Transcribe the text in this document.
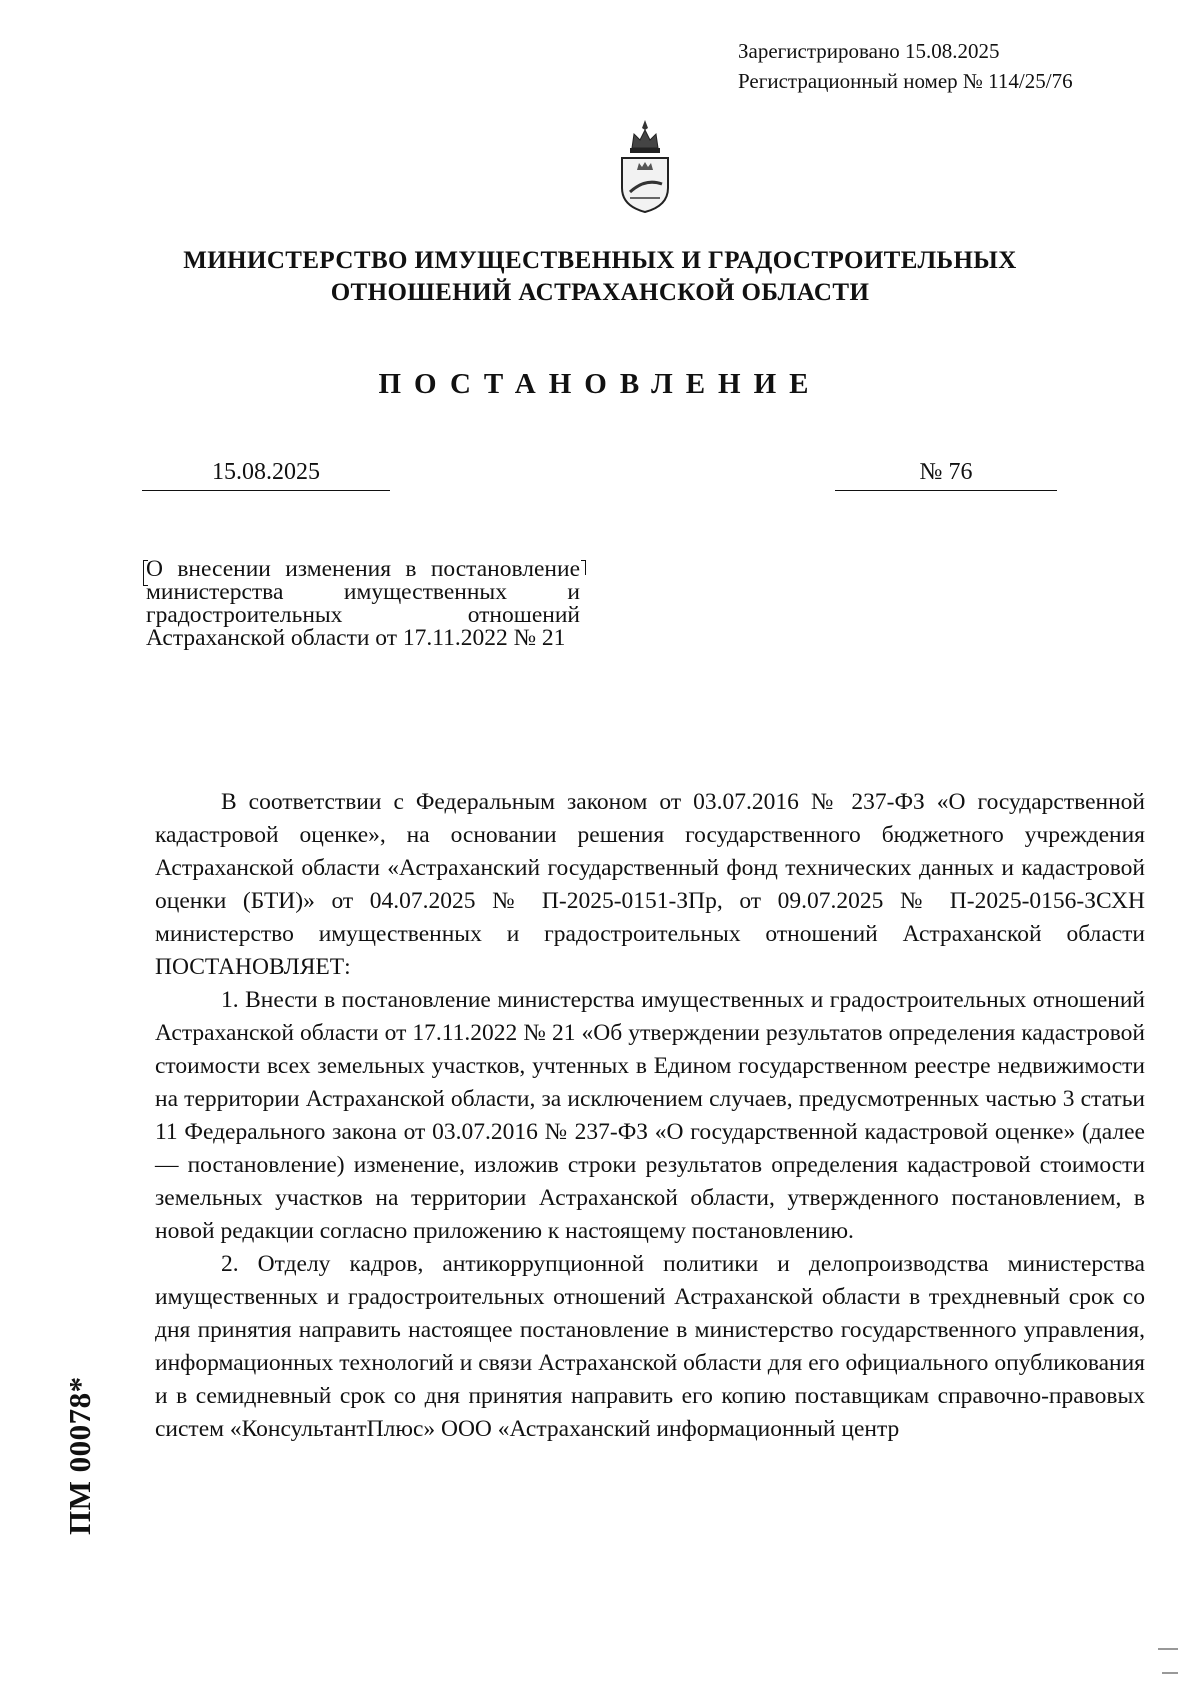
Зарегистрировано 15.08.2025
Регистрационный номер № 114/25/76
МИНИСТЕРСТВО ИМУЩЕСТВЕННЫХ И ГРАДОСТРОИТЕЛЬНЫХ
ОТНОШЕНИЙ АСТРАХАНСКОЙ ОБЛАСТИ
ПОСТАНОВЛЕНИЕ
15.08.2025	№ 76
О внесении изменения в постановление министерства имущественных и градостроительных отношений Астраханской области от 17.11.2022 № 21

В соответствии с Федеральным законом от 03.07.2016 № 237-ФЗ «О государственной кадастровой оценке», на основании решения государственного бюджетного учреждения Астраханской области «Астраханский государственный фонд технических данных и кадастровой оценки (БТИ)» от 04.07.2025 № П-2025-0151-ЗПр, от 09.07.2025 № П-2025-0156-ЗСХН министерство имущественных и градостроительных отношений Астраханской области ПОСТАНОВЛЯЕТ:

1. Внести в постановление министерства имущественных и градостроительных отношений Астраханской области от 17.11.2022 № 21 «Об утверждении результатов определения кадастровой стоимости всех земельных участков, учтенных в Едином государственном реестре недвижимости на территории Астраханской области, за исключением случаев, предусмотренных частью 3 статьи 11 Федерального закона от 03.07.2016 № 237-ФЗ «О государственной кадастровой оценке» (далее — постановление) изменение, изложив строки результатов определения кадастровой стоимости земельных участков на территории Астраханской области, утвержденного постановлением, в новой редакции согласно приложению к настоящему постановлению.

2. Отделу кадров, антикоррупционной политики и делопроизводства министерства имущественных и градостроительных отношений Астраханской области в трехдневный срок со дня принятия направить настоящее постановление в министерство государственного управления, информационных технологий и связи Астраханской области для его официального опубликования и в семидневный срок со дня принятия направить его копию поставщикам справочно-правовых систем «КонсультантПлюс» ООО «Астраханский информационный центр

ПМ 00078*
